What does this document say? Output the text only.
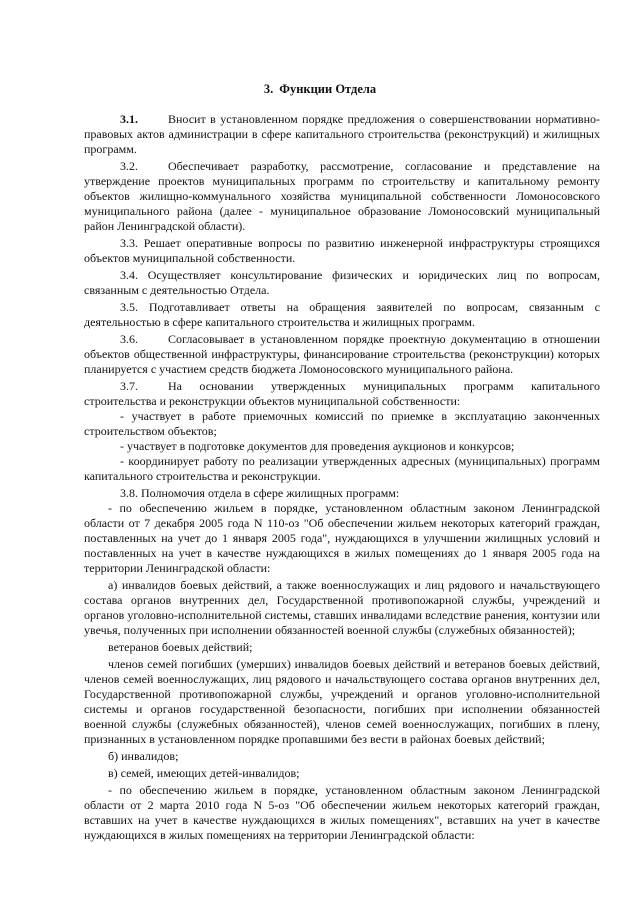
3. Функции Отдела

3.1.	Вносит в установленном порядке предложения о совершенствовании нормативно-правовых актов администрации в сфере капитального строительства (реконструкций) и жилищных программ.

3.2.	Обеспечивает разработку, рассмотрение, согласование и представление на утверждение проектов муниципальных программ по строительству и капитальному ремонту объектов жилищно-коммунального хозяйства муниципальной собственности Ломоносовского муниципального района (далее - муниципальное образование Ломоносовский муниципальный район Ленинградской области).

3.3. Решает оперативные вопросы по развитию инженерной инфраструктуры строящихся объектов муниципальной собственности.

3.4. Осуществляет консультирование физических и юридических лиц по вопросам, связанным с деятельностью Отдела.

3.5. Подготавливает ответы на обращения заявителей по вопросам, связанным с деятельностью в сфере капитального строительства и жилищных программ.

3.6.	Согласовывает в установленном порядке проектную документацию в отношении объектов общественной инфраструктуры, финансирование строительства (реконструкции) которых планируется с участием средств бюджета Ломоносовского муниципального района.

3.7.	На основании утвержденных муниципальных программ капитального строительства и реконструкции объектов муниципальной собственности:

- участвует в работе приемочных комиссий по приемке в эксплуатацию законченных строительством объектов;

- участвует в подготовке документов для проведения аукционов и конкурсов;

- координирует работу по реализации утвержденных адресных (муниципальных) программ капитального строительства и реконструкции.

3.8. Полномочия отдела в сфере жилищных программ:

- по обеспечению жильем в порядке, установленном областным законом Ленинградской области от 7 декабря 2005 года N 110-оз "Об обеспечении жильем некоторых категорий граждан, поставленных на учет до 1 января 2005 года", нуждающихся в улучшении жилищных условий и поставленных на учет в качестве нуждающихся в жилых помещениях до 1 января 2005 года на территории Ленинградской области:

а) инвалидов боевых действий, а также военнослужащих и лиц рядового и начальствующего состава органов внутренних дел, Государственной противопожарной службы, учреждений и органов уголовно-исполнительной системы, ставших инвалидами вследствие ранения, контузии или увечья, полученных при исполнении обязанностей военной службы (служебных обязанностей);

ветеранов боевых действий;

членов семей погибших (умерших) инвалидов боевых действий и ветеранов боевых действий, членов семей военнослужащих, лиц рядового и начальствующего состава органов внутренних дел, Государственной противопожарной службы, учреждений и органов уголовно-исполнительной системы и органов государственной безопасности, погибших при исполнении обязанностей военной службы (служебных обязанностей), членов семей военнослужащих, погибших в плену, признанных в установленном порядке пропавшими без вести в районах боевых действий;

б) инвалидов;

в) семей, имеющих детей-инвалидов;

- по обеспечению жильем в порядке, установленном областным законом Ленинградской области от 2 марта 2010 года N 5-оз "Об обеспечении жильем некоторых категорий граждан, вставших на учет в качестве нуждающихся в жилых помещениях", вставших на учет в качестве нуждающихся в жилых помещениях на территории Ленинградской области:
